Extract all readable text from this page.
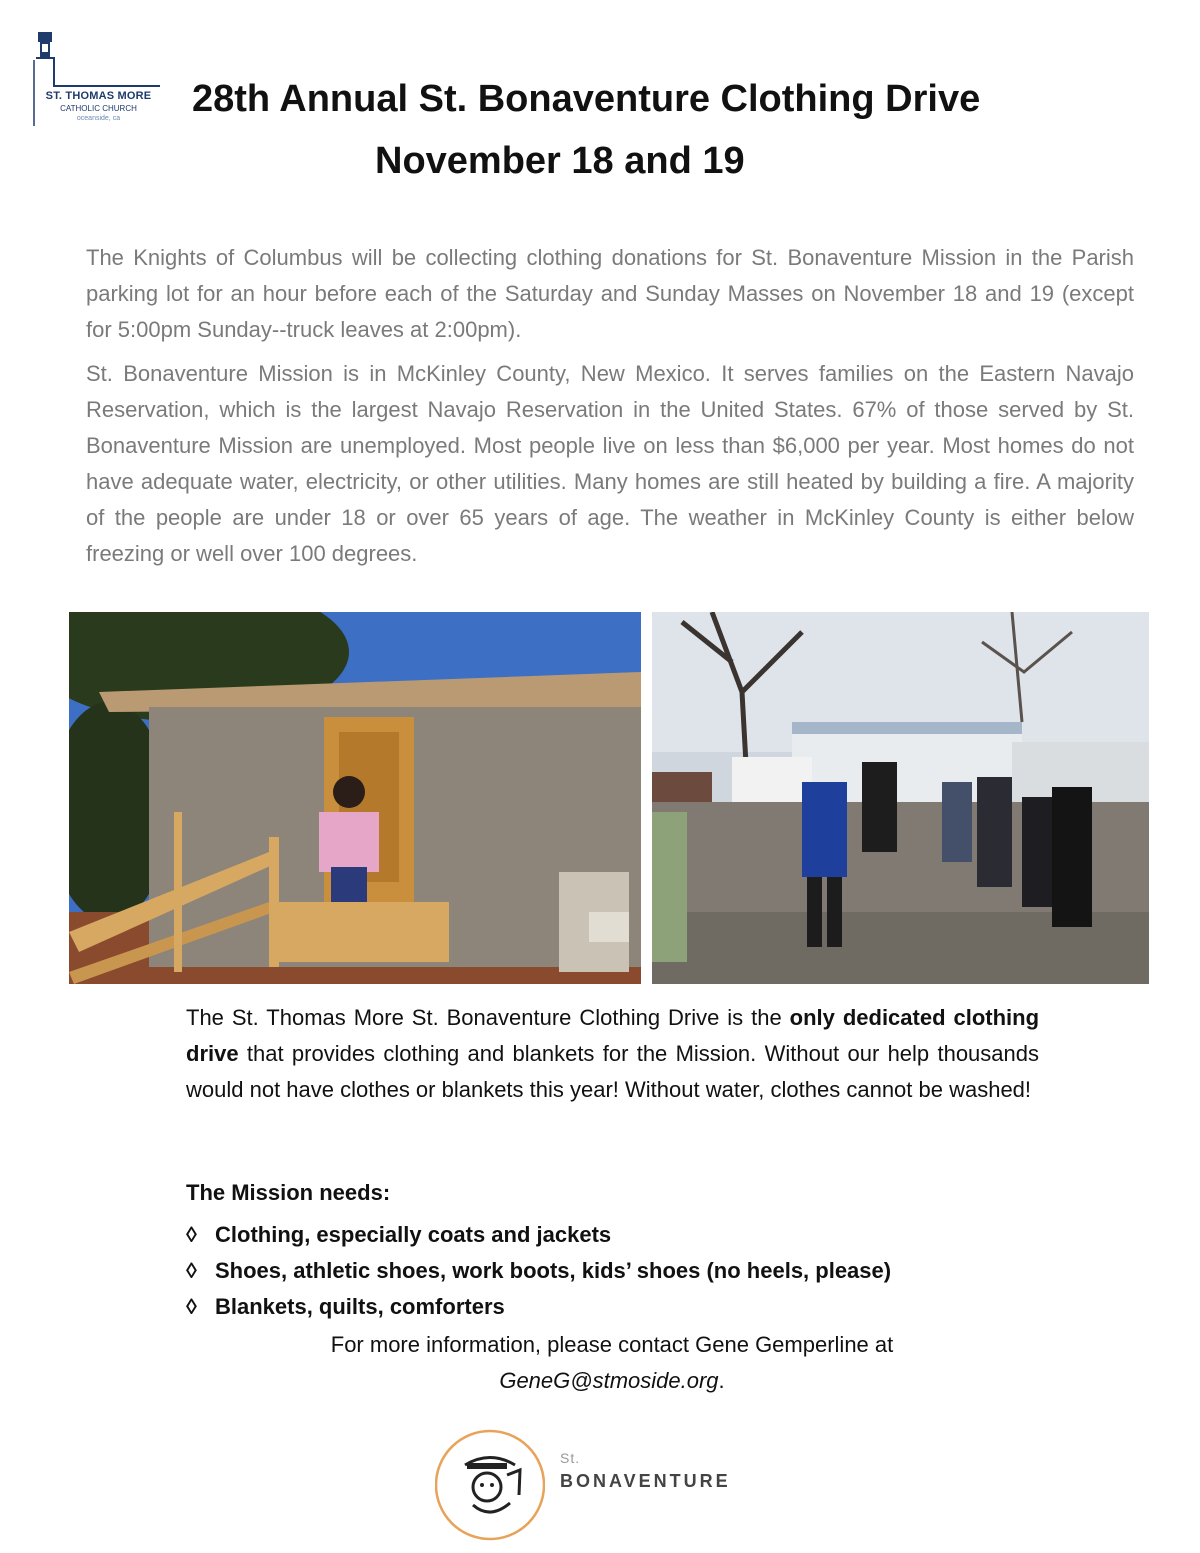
ST. THOMAS MORE
CATHOLIC CHURCH
oceanside, ca	28th Annual St. Bonaventure Clothing Drive
November 18 and 19

The Knights of Columbus will be collecting clothing donations for St. Bonaventure Mission in the Parish parking lot for an hour before each of the Saturday and Sunday Masses on November 18 and 19 (except for 5:00pm Sunday--truck leaves at 2:00pm).

St. Bonaventure Mission is in McKinley County, New Mexico. It serves families on the Eastern Navajo Reservation, which is the largest Navajo Reservation in the United States. 67% of those served by St. Bonaventure Mission are unemployed. Most people live on less than $6,000 per year. Most homes do not have adequate water, electricity, or other utilities. Many homes are still heated by building a fire. A majority of the people are under 18 or over 65 years of age. The weather in McKinley County is either below freezing or well over 100 degrees.

The St. Thomas More St. Bonaventure Clothing Drive is the only dedicated clothing drive that provides clothing and blankets for the Mission. Without our help thousands would not have clothes or blankets this year! Without water, clothes cannot be washed!

The Mission needs:
◊ Clothing, especially coats and jackets
◊ Shoes, athletic shoes, work boots, kids’ shoes (no heels, please)
◊ Blankets, quilts, comforters
For more information, please contact Gene Gemperline at
GeneG@stmoside.org.
St.
BONAVENTURE
